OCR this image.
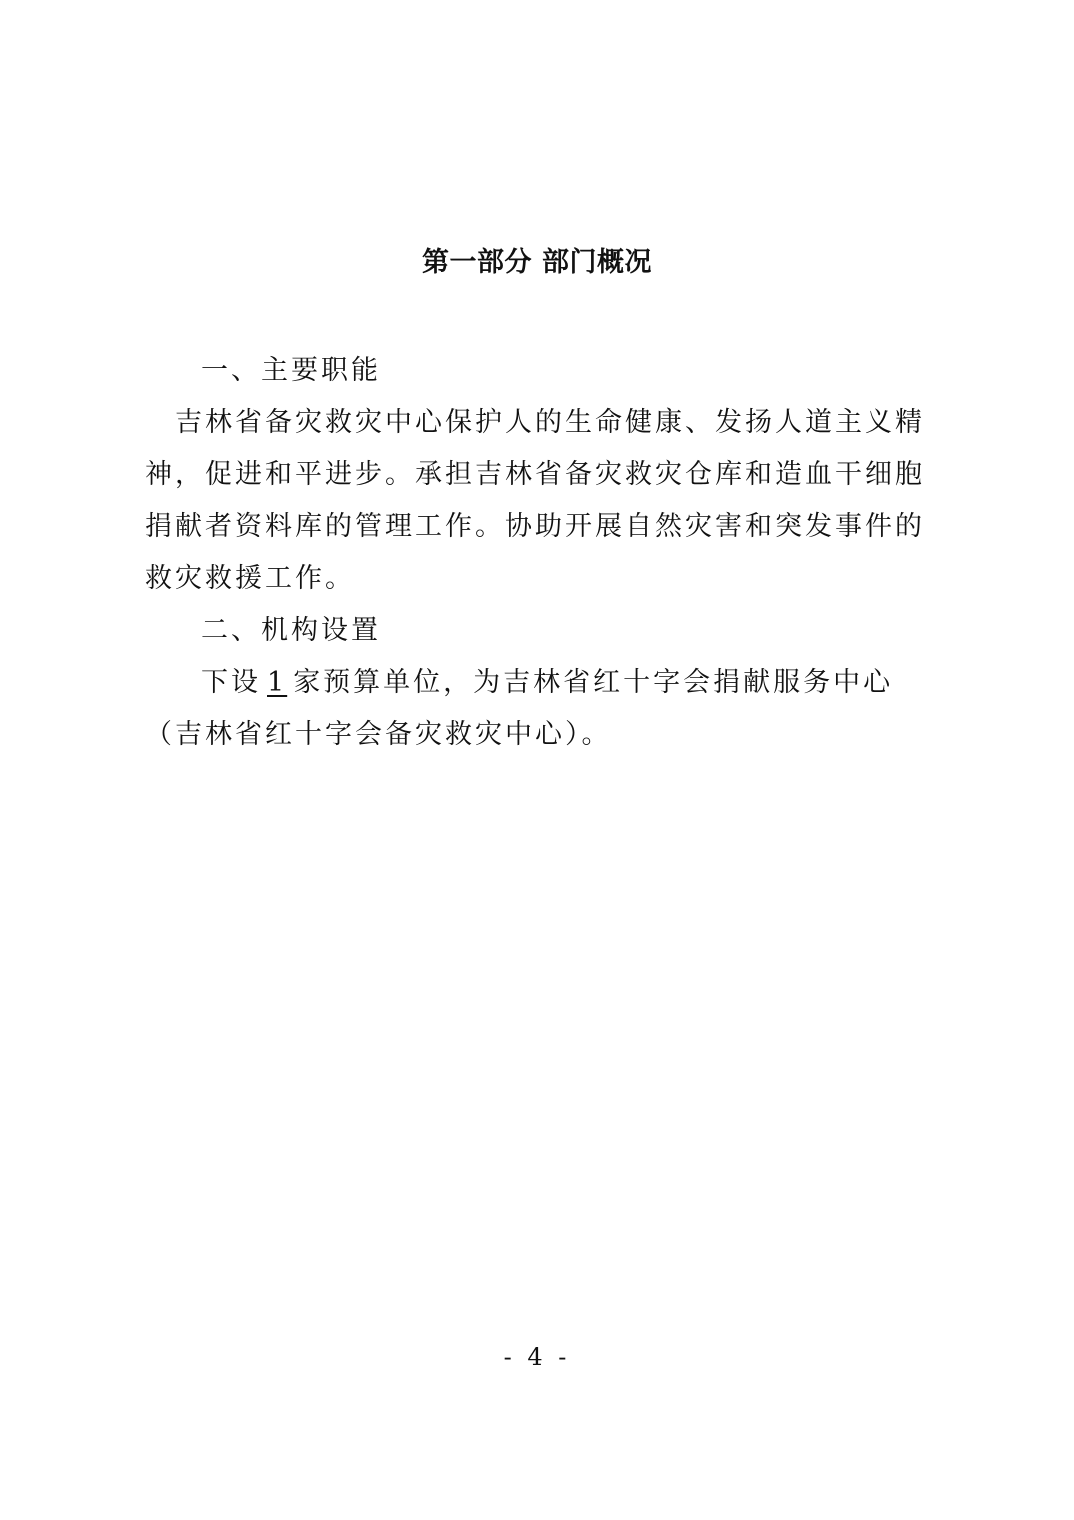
第一部分 部门概况

一、主要职能

吉林省备灾救灾中心保护人的生命健康、发扬人道主义精神，促进和平进步。承担吉林省备灾救灾仓库和造血干细胞捐献者资料库的管理工作。协助开展自然灾害和突发事件的救灾救援工作。

二、机构设置

下设 1 家预算单位，为吉林省红十字会捐献服务中心（吉林省红十字会备灾救灾中心）。

- 4 -
